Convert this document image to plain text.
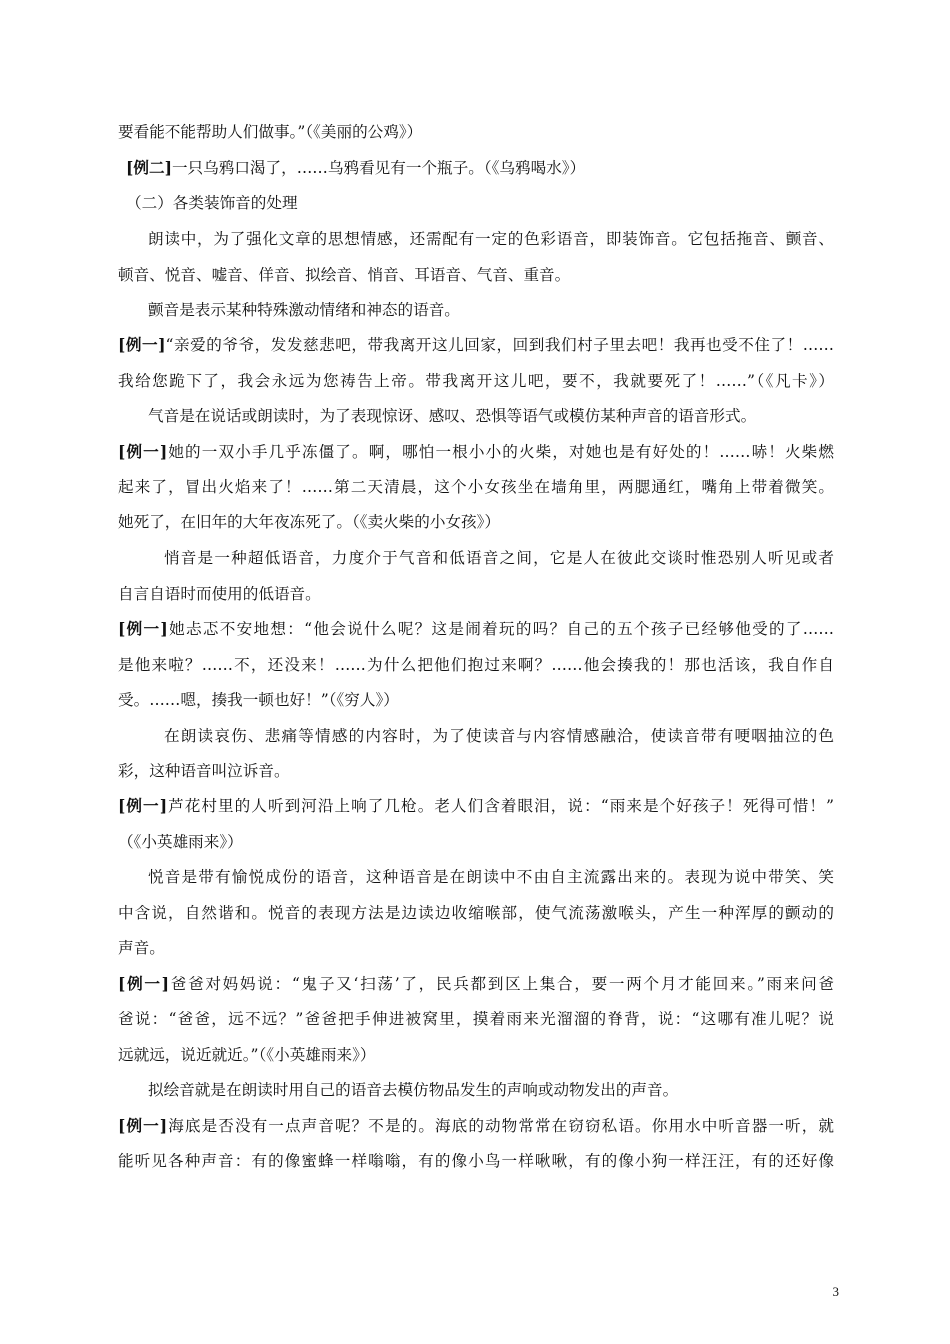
要看能不能帮助人们做事。”（《美丽的公鸡》）
[例二]一只乌鸦口渴了，……乌鸦看见有一个瓶子。（《乌鸦喝水》）
（二）各类装饰音的处理
朗读中，为了强化文章的思想情感，还需配有一定的色彩语音，即装饰音。它包括拖音、颤音、
顿音、悦音、嘘音、佯音、拟绘音、悄音、耳语音、气音、重音。
颤音是表示某种特殊激动情绪和神态的语音。
[例一]“亲爱的爷爷，发发慈悲吧，带我离开这儿回家，回到我们村子里去吧！我再也受不住了！……
我给您跪下了，我会永远为您祷告上帝。带我离开这儿吧，要不，我就要死了！……”（《凡卡》）
气音是在说话或朗读时，为了表现惊讶、感叹、恐惧等语气或模仿某种声音的语音形式。
[例一]她的一双小手几乎冻僵了。啊，哪怕一根小小的火柴，对她也是有好处的！……哧！火柴燃
起来了，冒出火焰来了！……第二天清晨，这个小女孩坐在墙角里，两腮通红，嘴角上带着微笑。
她死了，在旧年的大年夜冻死了。（《卖火柴的小女孩》）
悄音是一种超低语音，力度介于气音和低语音之间，它是人在彼此交谈时惟恐别人听见或者
自言自语时而使用的低语音。
[例一]她忐忑不安地想：“他会说什么呢？这是闹着玩的吗？自己的五个孩子已经够他受的了……
是他来啦？……不，还没来！……为什么把他们抱过来啊？……他会揍我的！那也活该，我自作自
受。……嗯，揍我一顿也好！”（《穷人》）
在朗读哀伤、悲痛等情感的内容时，为了使读音与内容情感融洽，使读音带有哽咽抽泣的色
彩，这种语音叫泣诉音。
[例一]芦花村里的人听到河沿上响了几枪。老人们含着眼泪，说：“雨来是个好孩子！死得可惜！”
（《小英雄雨来》）
悦音是带有愉悦成份的语音，这种语音是在朗读中不由自主流露出来的。表现为说中带笑、笑
中含说，自然谐和。悦音的表现方法是边读边收缩喉部，使气流荡激喉头，产生一种浑厚的颤动的
声音。
[例一]爸爸对妈妈说：“鬼子又‘扫荡’了，民兵都到区上集合，要一两个月才能回来。”雨来问爸
爸说：“爸爸，远不远？”爸爸把手伸进被窝里，摸着雨来光溜溜的脊背，说：“这哪有准儿呢？说
远就远，说近就近。”（《小英雄雨来》）
拟绘音就是在朗读时用自己的语音去模仿物品发生的声响或动物发出的声音。
[例一]海底是否没有一点声音呢？不是的。海底的动物常常在窃窃私语。你用水中听音器一听，就
能听见各种声音：有的像蜜蜂一样嗡嗡，有的像小鸟一样啾啾，有的像小狗一样汪汪，有的还好像
3
